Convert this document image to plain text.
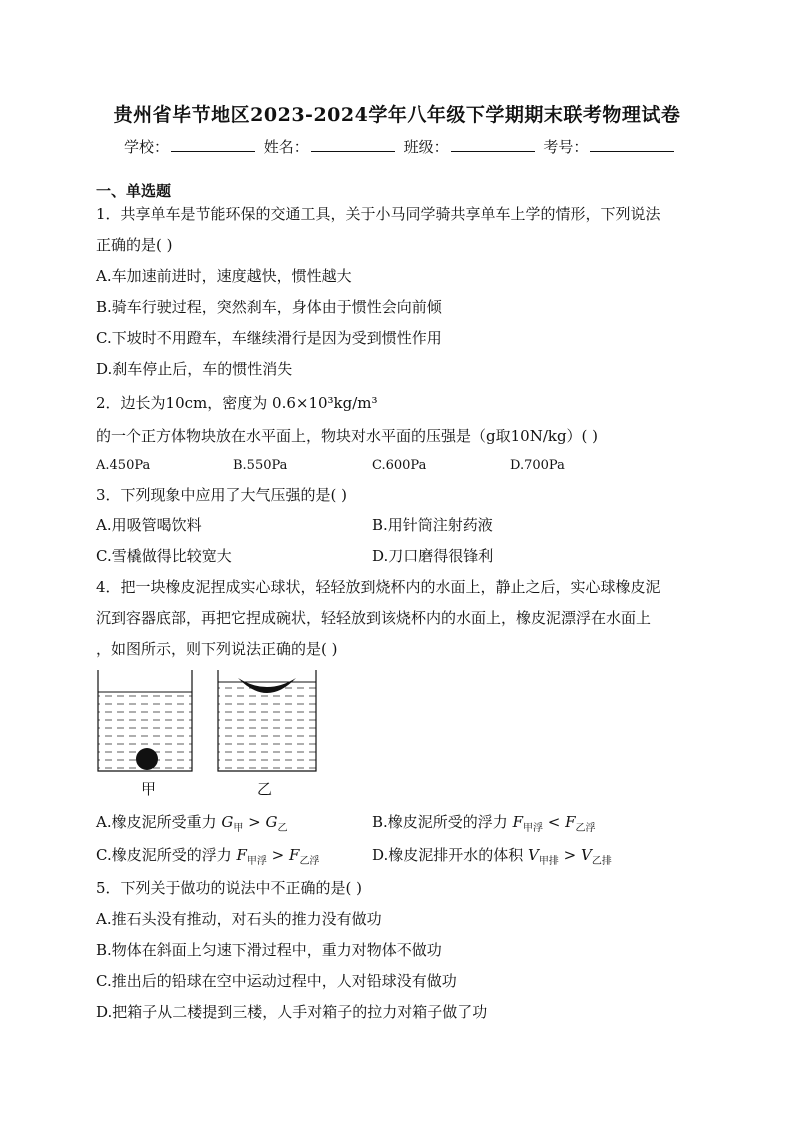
贵州省毕节地区2023-2024学年八年级下学期期末联考物理试卷
学校：	姓名：	班级：	考号：
一、单选题
1．共享单车是节能环保的交通工具，关于小马同学骑共享单车上学的情形，下列说法
正确的是( )
A.车加速前进时，速度越快，惯性越大
B.骑车行驶过程，突然刹车，身体由于惯性会向前倾
C.下坡时不用蹬车，车继续滑行是因为受到惯性作用
D.刹车停止后，车的惯性消失
2．边长为10cm，密度为 0.6×10³kg/m³
的一个正方体物块放在水平面上，物块对水平面的压强是（g取10N/kg）( )
A.450Pa	B.550Pa	C.600Pa	D.700Pa
3．下列现象中应用了大气压强的是( )
A.用吸管喝饮料	B.用针筒注射药液
C.雪橇做得比较宽大	D.刀口磨得很锋利
4．把一块橡皮泥捏成实心球状，轻轻放到烧杯内的水面上，静止之后，实心球橡皮泥
沉到容器底部，再把它捏成碗状，轻轻放到该烧杯内的水面上，橡皮泥漂浮在水面上
，如图所示，则下列说法正确的是( )
甲	乙
A.橡皮泥所受重力 $G_甲 > G_乙$	B.橡皮泥所受的浮力 $F_{甲浮} < F_{乙浮}$
C.橡皮泥所受的浮力 $F_{甲浮} > F_{乙浮}$	D.橡皮泥排开水的体积 $V_{甲排} > V_{乙排}$
5．下列关于做功的说法中不正确的是( )
A.推石头没有推动，对石头的推力没有做功
B.物体在斜面上匀速下滑过程中，重力对物体不做功
C.推出后的铅球在空中运动过程中，人对铅球没有做功
D.把箱子从二楼提到三楼，人手对箱子的拉力对箱子做了功
